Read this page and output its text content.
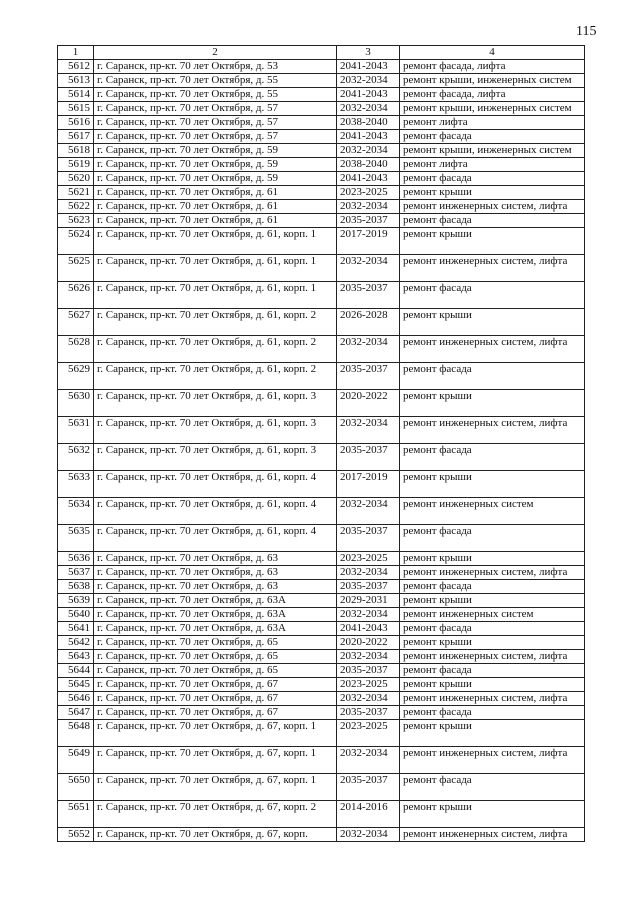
115
1	2	3	4
5612	г. Саранск, пр-кт. 70 лет Октября, д. 53	2041-2043	ремонт фасада, лифта
5613	г. Саранск, пр-кт. 70 лет Октября, д. 55	2032-2034	ремонт крыши, инженерных систем
5614	г. Саранск, пр-кт. 70 лет Октября, д. 55	2041-2043	ремонт фасада, лифта
5615	г. Саранск, пр-кт. 70 лет Октября, д. 57	2032-2034	ремонт крыши, инженерных систем
5616	г. Саранск, пр-кт. 70 лет Октября, д. 57	2038-2040	ремонт лифта
5617	г. Саранск, пр-кт. 70 лет Октября, д. 57	2041-2043	ремонт фасада
5618	г. Саранск, пр-кт. 70 лет Октября, д. 59	2032-2034	ремонт крыши, инженерных систем
5619	г. Саранск, пр-кт. 70 лет Октября, д. 59	2038-2040	ремонт лифта
5620	г. Саранск, пр-кт. 70 лет Октября, д. 59	2041-2043	ремонт фасада
5621	г. Саранск, пр-кт. 70 лет Октября, д. 61	2023-2025	ремонт крыши
5622	г. Саранск, пр-кт. 70 лет Октября, д. 61	2032-2034	ремонт инженерных систем, лифта
5623	г. Саранск, пр-кт. 70 лет Октября, д. 61	2035-2037	ремонт фасада
5624	г. Саранск, пр-кт. 70 лет Октября, д. 61, корп. 1	2017-2019	ремонт крыши
5625	г. Саранск, пр-кт. 70 лет Октября, д. 61, корп. 1	2032-2034	ремонт инженерных систем, лифта
5626	г. Саранск, пр-кт. 70 лет Октября, д. 61, корп. 1	2035-2037	ремонт фасада
5627	г. Саранск, пр-кт. 70 лет Октября, д. 61, корп. 2	2026-2028	ремонт крыши
5628	г. Саранск, пр-кт. 70 лет Октября, д. 61, корп. 2	2032-2034	ремонт инженерных систем, лифта
5629	г. Саранск, пр-кт. 70 лет Октября, д. 61, корп. 2	2035-2037	ремонт фасада
5630	г. Саранск, пр-кт. 70 лет Октября, д. 61, корп. 3	2020-2022	ремонт крыши
5631	г. Саранск, пр-кт. 70 лет Октября, д. 61, корп. 3	2032-2034	ремонт инженерных систем, лифта
5632	г. Саранск, пр-кт. 70 лет Октября, д. 61, корп. 3	2035-2037	ремонт фасада
5633	г. Саранск, пр-кт. 70 лет Октября, д. 61, корп. 4	2017-2019	ремонт крыши
5634	г. Саранск, пр-кт. 70 лет Октября, д. 61, корп. 4	2032-2034	ремонт инженерных систем
5635	г. Саранск, пр-кт. 70 лет Октября, д. 61, корп. 4	2035-2037	ремонт фасада
5636	г. Саранск, пр-кт. 70 лет Октября, д. 63	2023-2025	ремонт крыши
5637	г. Саранск, пр-кт. 70 лет Октября, д. 63	2032-2034	ремонт инженерных систем, лифта
5638	г. Саранск, пр-кт. 70 лет Октября, д. 63	2035-2037	ремонт фасада
5639	г. Саранск, пр-кт. 70 лет Октября, д. 63А	2029-2031	ремонт крыши
5640	г. Саранск, пр-кт. 70 лет Октября, д. 63А	2032-2034	ремонт инженерных систем
5641	г. Саранск, пр-кт. 70 лет Октября, д. 63А	2041-2043	ремонт фасада
5642	г. Саранск, пр-кт. 70 лет Октября, д. 65	2020-2022	ремонт крыши
5643	г. Саранск, пр-кт. 70 лет Октября, д. 65	2032-2034	ремонт инженерных систем, лифта
5644	г. Саранск, пр-кт. 70 лет Октября, д. 65	2035-2037	ремонт фасада
5645	г. Саранск, пр-кт. 70 лет Октября, д. 67	2023-2025	ремонт крыши
5646	г. Саранск, пр-кт. 70 лет Октября, д. 67	2032-2034	ремонт инженерных систем, лифта
5647	г. Саранск, пр-кт. 70 лет Октября, д. 67	2035-2037	ремонт фасада
5648	г. Саранск, пр-кт. 70 лет Октября, д. 67, корп. 1	2023-2025	ремонт крыши
5649	г. Саранск, пр-кт. 70 лет Октября, д. 67, корп. 1	2032-2034	ремонт инженерных систем, лифта
5650	г. Саранск, пр-кт. 70 лет Октября, д. 67, корп. 1	2035-2037	ремонт фасада
5651	г. Саранск, пр-кт. 70 лет Октября, д. 67, корп. 2	2014-2016	ремонт крыши
5652	г. Саранск, пр-кт. 70 лет Октября, д. 67, корп.	2032-2034	ремонт инженерных систем, лифта
